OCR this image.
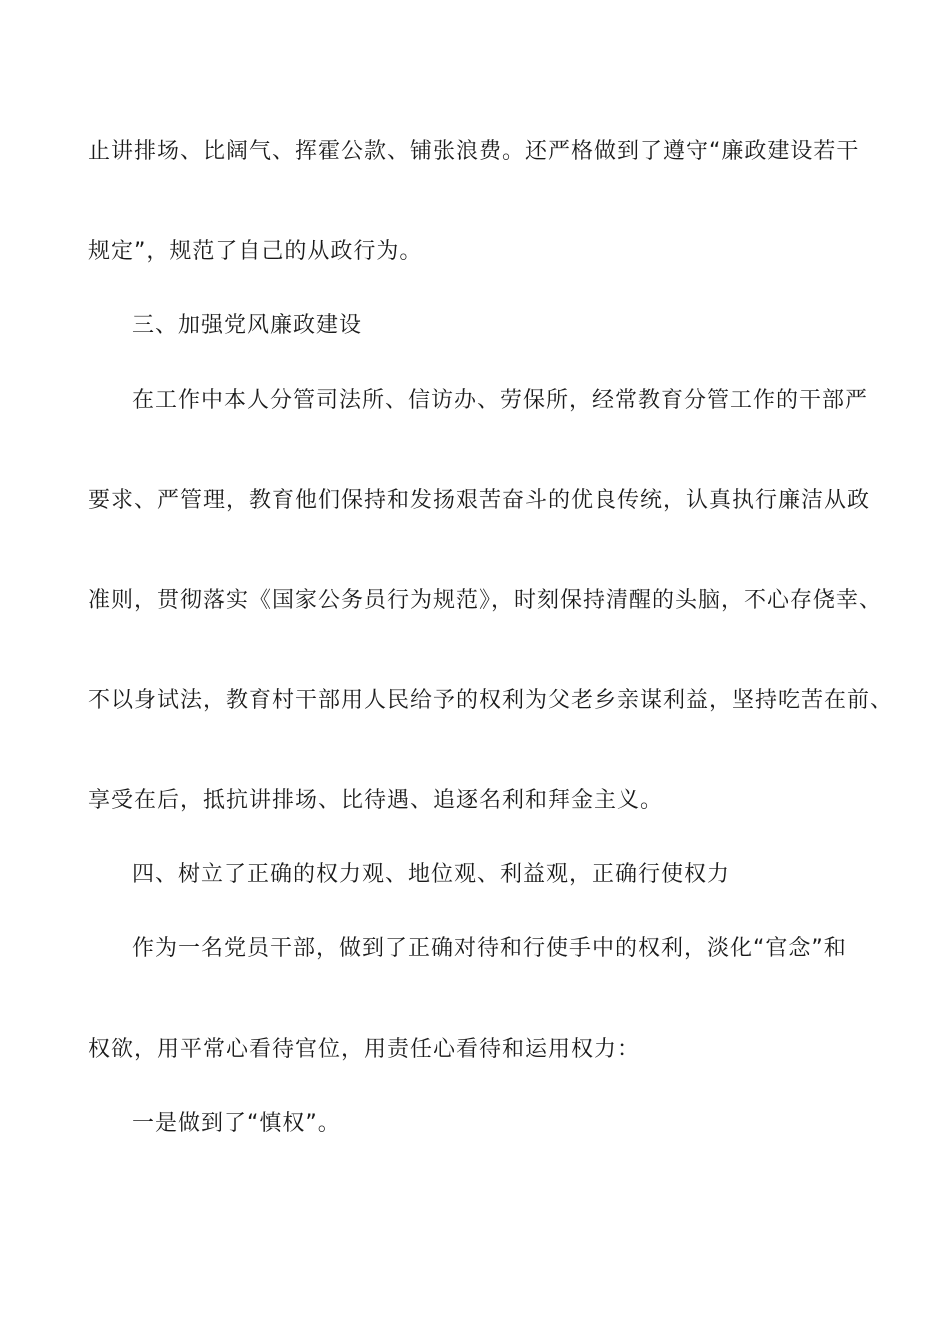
止讲排场、比阔气、挥霍公款、铺张浪费。还严格做到了遵守“廉政建设若干
规定”，规范了自己的从政行为。
三、加强党风廉政建设
在工作中本人分管司法所、信访办、劳保所，经常教育分管工作的干部严
要求、严管理，教育他们保持和发扬艰苦奋斗的优良传统，认真执行廉洁从政
准则，贯彻落实《国家公务员行为规范》，时刻保持清醒的头脑，不心存侥幸、
不以身试法，教育村干部用人民给予的权利为父老乡亲谋利益，坚持吃苦在前、
享受在后，抵抗讲排场、比待遇、追逐名利和拜金主义。
四、树立了正确的权力观、地位观、利益观，正确行使权力
作为一名党员干部，做到了正确对待和行使手中的权利，淡化“官念”和
权欲，用平常心看待官位，用责任心看待和运用权力：
一是做到了“慎权”。
